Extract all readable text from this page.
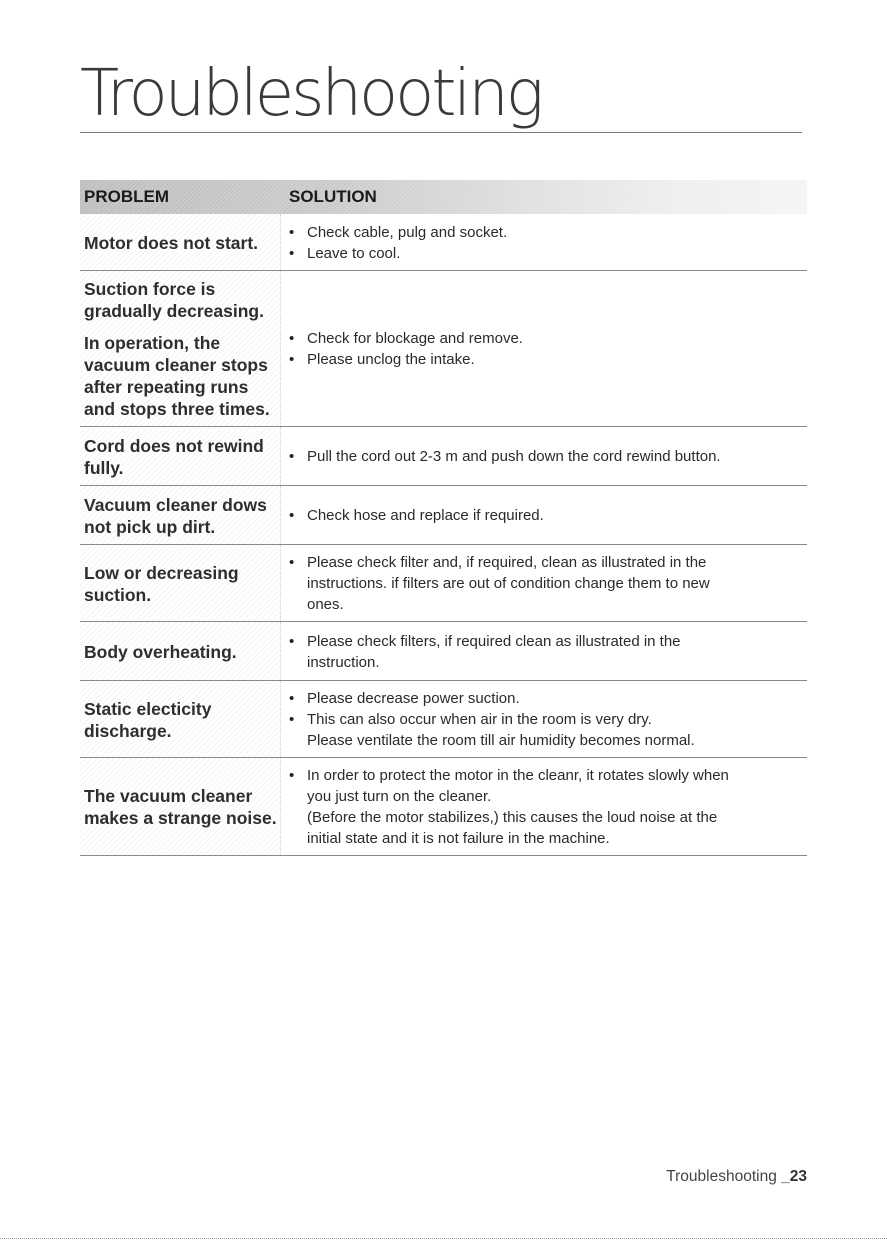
Troubleshooting
PROBLEM	SOLUTION
Motor does not start.
• Check cable, pulg and socket.
• Leave to cool.
Suction force is gradually decreasing.
In operation, the vacuum cleaner stops after repeating runs and stops three times.
• Check for blockage and remove.
• Please unclog the intake.
Cord does not rewind fully.
• Pull the cord out 2-3 m and push down the cord rewind button.
Vacuum cleaner dows not pick up dirt.
• Check hose and replace if required.
Low or decreasing suction.
• Please check filter and, if required, clean as illustrated in the
instructions. if filters are out of condition change them to new
ones.
Body overheating.
• Please check filters, if required clean as illustrated in the
instruction.
Static electicity discharge.
• Please decrease power suction.
• This can also occur when air in the room is very dry.
Please ventilate the room till air humidity becomes normal.
The vacuum cleaner makes a strange noise.
• In order to protect the motor in the cleanr, it rotates slowly when
you just turn on the cleaner.
(Before the motor stabilizes,) this causes the loud noise at the
initial state and it is not failure in the machine.
Troubleshooting _23
